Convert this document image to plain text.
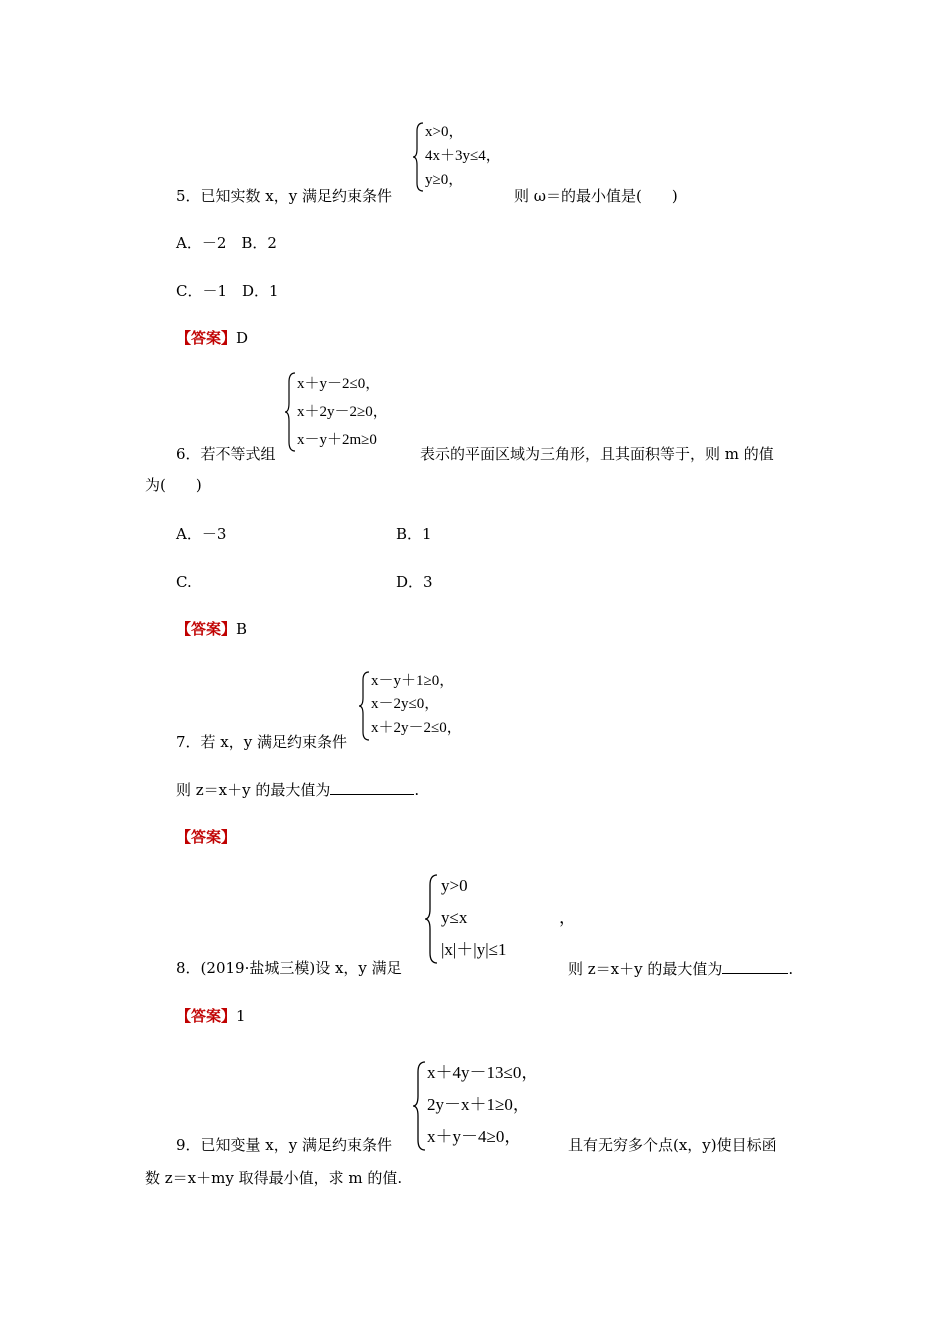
x>0，
4x＋3y≤4，
y≥0，
5．已知实数 x，y 满足约束条件	则 ω＝的最小值是(　　)
A．－2　B．2
C．－1　D．1
【答案】D
x＋y－2≤0，
x＋2y－2≥0，
x－y＋2m≥0
6．若不等式组	表示的平面区域为三角形，且其面积等于，则 m 的值
为(　　)
A．－3	B．1
C.	D．3
【答案】B
x－y＋1≥0，
x－2y≤0，
x＋2y－2≤0，
7．若 x，y 满足约束条件
则 z＝x＋y 的最大值为	.
【答案】
y>0
y≤x
|x|＋|y|≤1
，
8．(2019·盐城三模)设 x，y 满足	则 z＝x＋y 的最大值为	.
【答案】1
x＋4y－13≤0，
2y－x＋1≥0，
x＋y－4≥0，
9．已知变量 x，y 满足约束条件	且有无穷多个点(x，y)使目标函
数 z＝x＋my 取得最小值，求 m 的值.
